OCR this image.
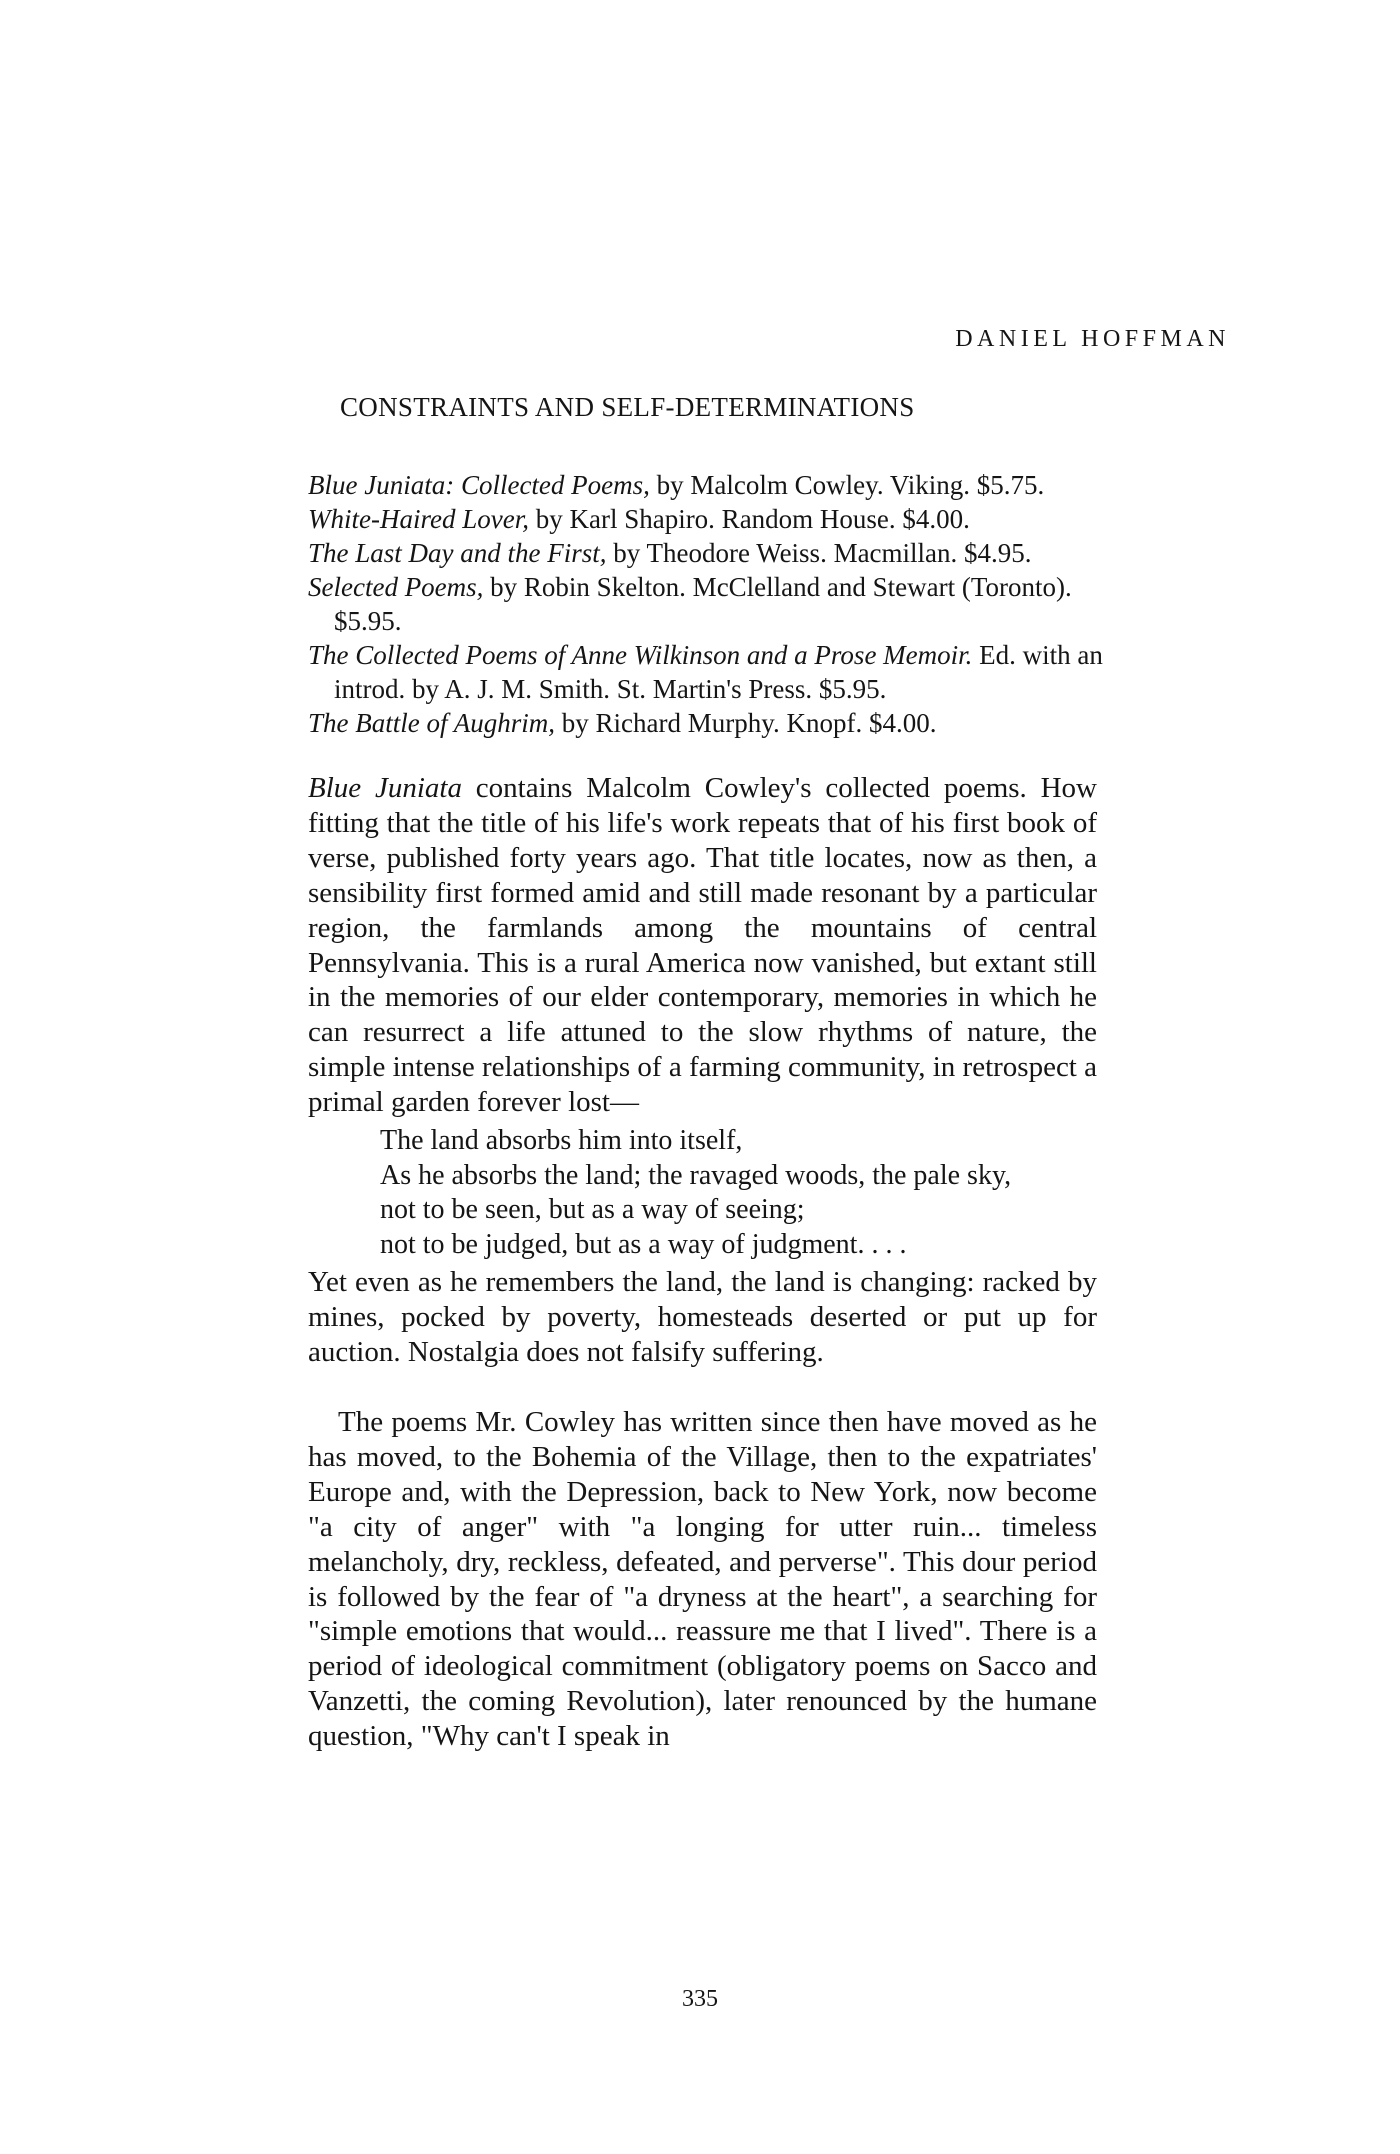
DANIEL HOFFMAN
CONSTRAINTS AND SELF-DETERMINATIONS

Blue Juniata: Collected Poems, by Malcolm Cowley. Viking. $5.75.

White-Haired Lover, by Karl Shapiro. Random House. $4.00.

The Last Day and the First, by Theodore Weiss. Macmillan. $4.95.

Selected Poems, by Robin Skelton. McClelland and Stewart (Toronto). $5.95.

The Collected Poems of Anne Wilkinson and a Prose Memoir. Ed. with an introd. by A. J. M. Smith. St. Martin's Press. $5.95.

The Battle of Aughrim, by Richard Murphy. Knopf. $4.00.

Blue Juniata contains Malcolm Cowley's collected poems. How fitting that the title of his life's work repeats that of his first book of verse, published forty years ago. That title locates, now as then, a sensibility first formed amid and still made resonant by a particular region, the farmlands among the mountains of central Pennsylvania. This is a rural America now vanished, but extant still in the memories of our elder contemporary, memories in which he can resurrect a life attuned to the slow rhythms of nature, the simple intense relationships of a farming community, in retrospect a primal garden forever lost—

The land absorbs him into itself,
As he absorbs the land; the ravaged woods, the pale sky,
not to be seen, but as a way of seeing;
not to be judged, but as a way of judgment. . . .

Yet even as he remembers the land, the land is changing: racked by mines, pocked by poverty, homesteads deserted or put up for auction. Nostalgia does not falsify suffering.

The poems Mr. Cowley has written since then have moved as he has moved, to the Bohemia of the Village, then to the expatriates' Europe and, with the Depression, back to New York, now become "a city of anger" with "a longing for utter ruin... timeless melancholy, dry, reckless, defeated, and perverse". This dour period is followed by the fear of "a dryness at the heart", a searching for "simple emotions that would... reassure me that I lived". There is a period of ideological commitment (obligatory poems on Sacco and Vanzetti, the coming Revolution), later renounced by the humane question, "Why can't I speak in

335
